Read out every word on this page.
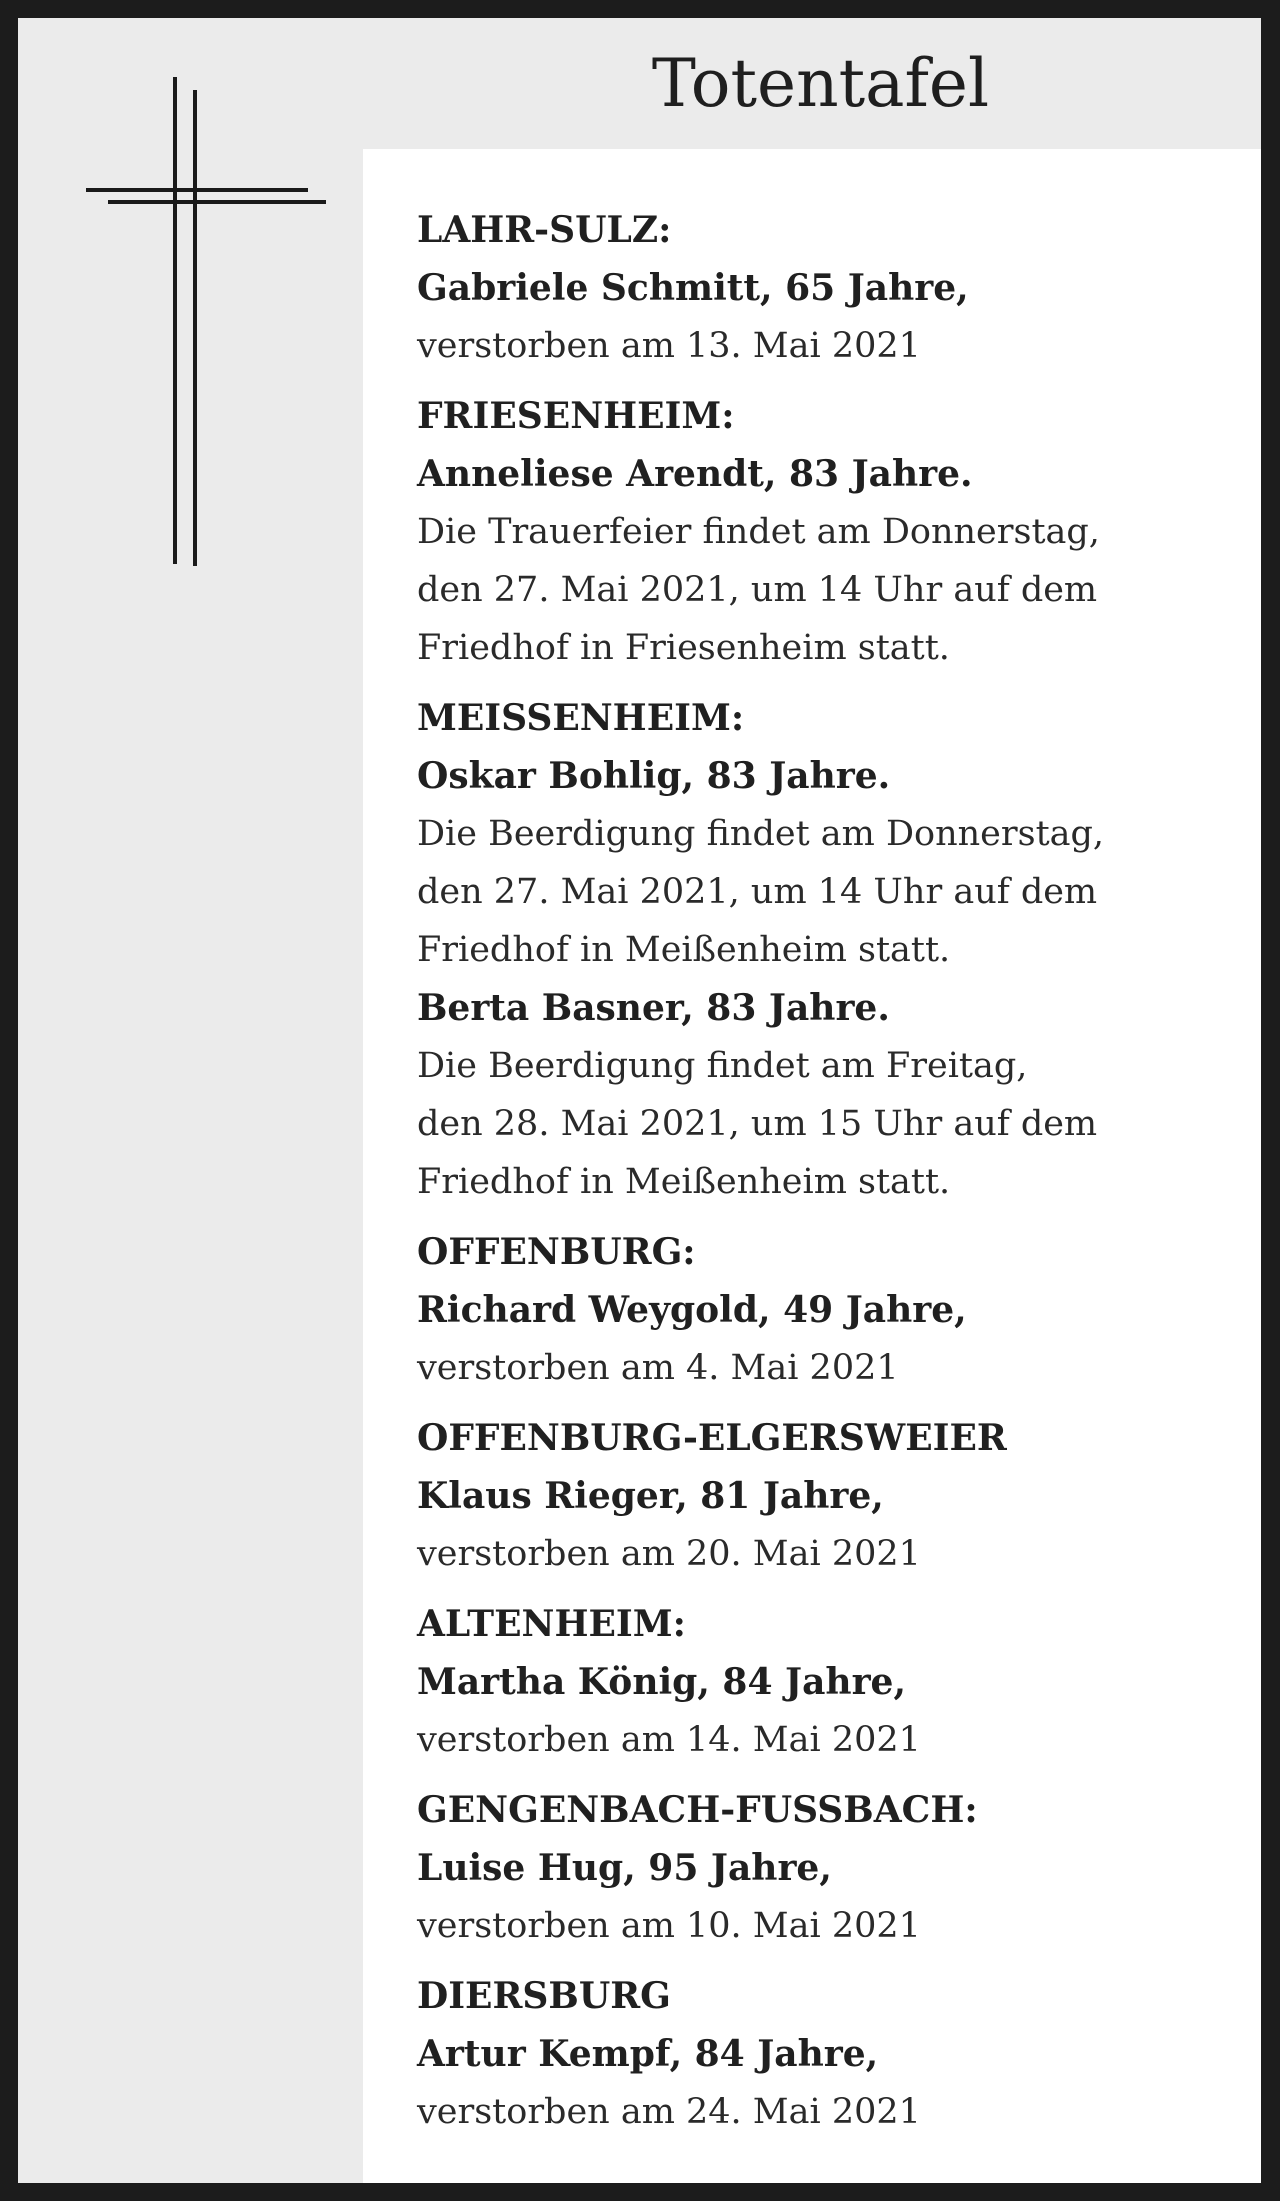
Totentafel
LAHR-SULZ:
Gabriele Schmitt, 65 Jahre,
verstorben am 13. Mai 2021
FRIESENHEIM:
Anneliese Arendt, 83 Jahre.
Die Trauerfeier findet am Donnerstag,
den 27. Mai 2021, um 14 Uhr auf dem
Friedhof in Friesenheim statt.
MEISSENHEIM:
Oskar Bohlig, 83 Jahre.
Die Beerdigung findet am Donnerstag,
den 27. Mai 2021, um 14 Uhr auf dem
Friedhof in Meißenheim statt.
Berta Basner, 83 Jahre.
Die Beerdigung findet am Freitag,
den 28. Mai 2021, um 15 Uhr auf dem
Friedhof in Meißenheim statt.
OFFENBURG:
Richard Weygold, 49 Jahre,
verstorben am 4. Mai 2021
OFFENBURG-ELGERSWEIER
Klaus Rieger, 81 Jahre,
verstorben am 20. Mai 2021
ALTENHEIM:
Martha König, 84 Jahre,
verstorben am 14. Mai 2021
GENGENBACH-FUSSBACH:
Luise Hug, 95 Jahre,
verstorben am 10. Mai 2021
DIERSBURG
Artur Kempf, 84 Jahre,
verstorben am 24. Mai 2021
